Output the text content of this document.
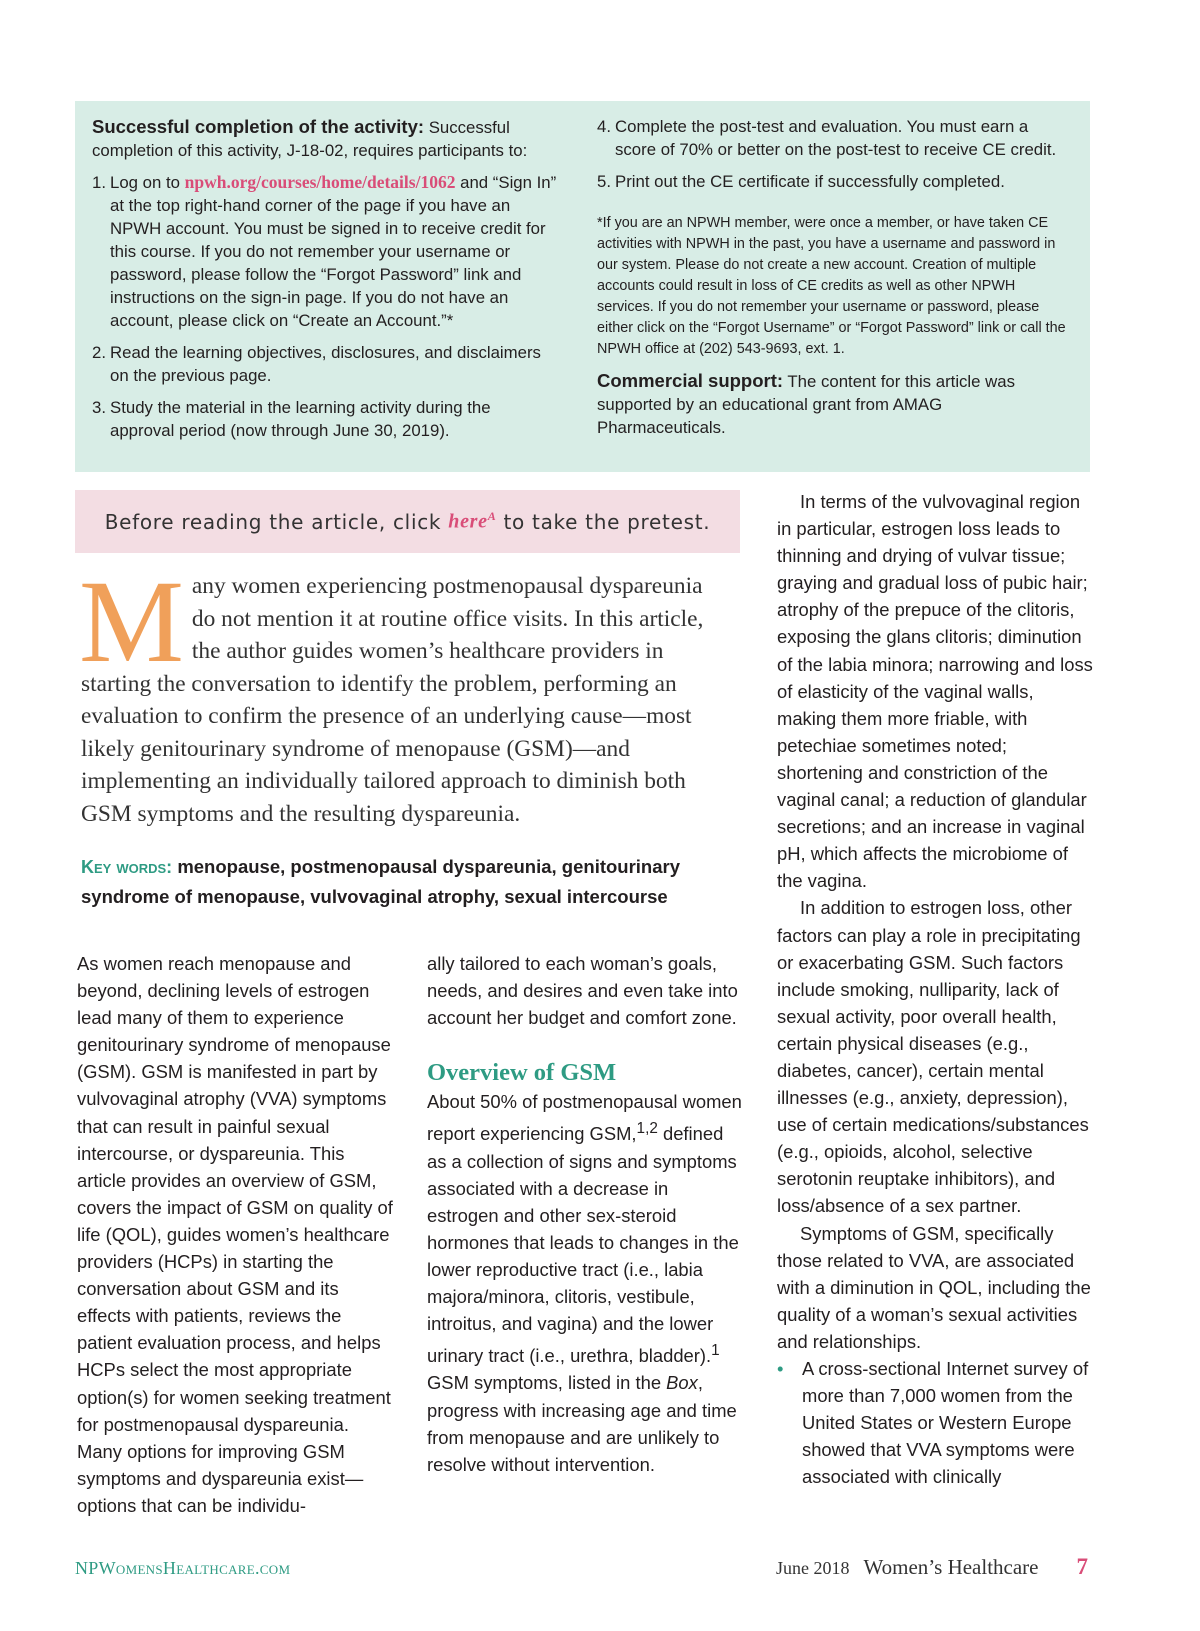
Successful completion of the activity: Successful completion of this activity, J-18-02, requires participants to:

1. Log on to npwh.org/courses/home/details/1062 and “Sign In” at the top right-hand corner of the page if you have an NPWH account. You must be signed in to receive credit for this course. If you do not remember your username or password, please follow the “Forgot Password” link and instructions on the sign-in page. If you do not have an account, please click on “Create an Account.”*
2. Read the learning objectives, disclosures, and disclaimers on the previous page.
3. Study the material in the learning activity during the approval period (now through June 30, 2019).
4. Complete the post-test and evaluation. You must earn a score of 70% or better on the post-test to receive CE credit.
5. Print out the CE certificate if successfully completed.

*If you are an NPWH member, were once a member, or have taken CE activities with NPWH in the past, you have a username and password in our system. Please do not create a new account. Creation of multiple accounts could result in loss of CE credits as well as other NPWH services. If you do not remember your username or password, please either click on the “Forgot Username” or “Forgot Password” link or call the NPWH office at (202) 543-9693, ext. 1.

Commercial support: The content for this article was supported by an educational grant from AMAG Pharmaceuticals.

Before reading the article, click
here$^A$
to take the pretest.
Many women experiencing postmenopausal dyspareunia do not mention it at routine office visits. In this article, the author guides women’s healthcare providers in starting the conversation to identify the problem, performing an evaluation to confirm the presence of an underlying cause—most likely genitourinary syndrome of menopause (GSM)—and implementing an individually tailored approach to diminish both GSM symptoms and the resulting dyspareunia.
Key words: menopause, postmenopausal dyspareunia, genitourinary syndrome of menopause, vulvovaginal atrophy, sexual intercourse

As women reach menopause and beyond, declining levels of estrogen lead many of them to experience genitourinary syndrome of menopause (GSM). GSM is manifested in part by vulvovaginal atrophy (VVA) symptoms that can result in painful sexual intercourse, or dyspareunia. This article provides an overview of GSM, covers the impact of GSM on quality of life (QOL), guides women’s healthcare providers (HCPs) in starting the conversation about GSM and its effects with patients, reviews the patient evaluation process, and helps HCPs select the most appropriate option(s) for women seeking treatment for postmenopausal dyspareunia. Many options for improving GSM symptoms and dyspareunia exist—options that can be individu-

ally tailored to each woman’s goals, needs, and desires and even take into account her budget and comfort zone.

Overview of GSM

About 50% of postmenopausal women report experiencing GSM,$^{1,2}$ defined as a collection of signs and symptoms associated with a decrease in estrogen and other sex-steroid hormones that leads to changes in the lower reproductive tract (i.e., labia majora/minora, clitoris, vestibule, introitus, and vagina) and the lower urinary tract (i.e., urethra, bladder).$^1$ GSM symptoms, listed in the Box, progress with increasing age and time from menopause and are unlikely to resolve without intervention.

In terms of the vulvovaginal region in particular, estrogen loss leads to thinning and drying of vulvar tissue; graying and gradual loss of pubic hair; atrophy of the prepuce of the clitoris, exposing the glans clitoris; diminution of the labia minora; narrowing and loss of elasticity of the vaginal walls, making them more friable, with petechiae sometimes noted; shortening and constriction of the vaginal canal; a reduction of glandular secretions; and an increase in vaginal pH, which affects the microbiome of the vagina.

In addition to estrogen loss, other factors can play a role in precipitating or exacerbating GSM. Such factors include smoking, nulliparity, lack of sexual activity, poor overall health, certain physical diseases (e.g., diabetes, cancer), certain mental illnesses (e.g., anxiety, depression), use of certain medications/substances (e.g., opioids, alcohol, selective serotonin reuptake inhibitors), and loss/absence of a sex partner.

Symptoms of GSM, specifically those related to VVA, are associated with a diminution in QOL, including the quality of a woman’s sexual activities and relationships.

• A cross-sectional Internet survey of more than 7,000 women from the United States or Western Europe showed that VVA symptoms were associated with clinically

NPWomensHealthcare.com	June 2018 Women’s Healthcare 7
